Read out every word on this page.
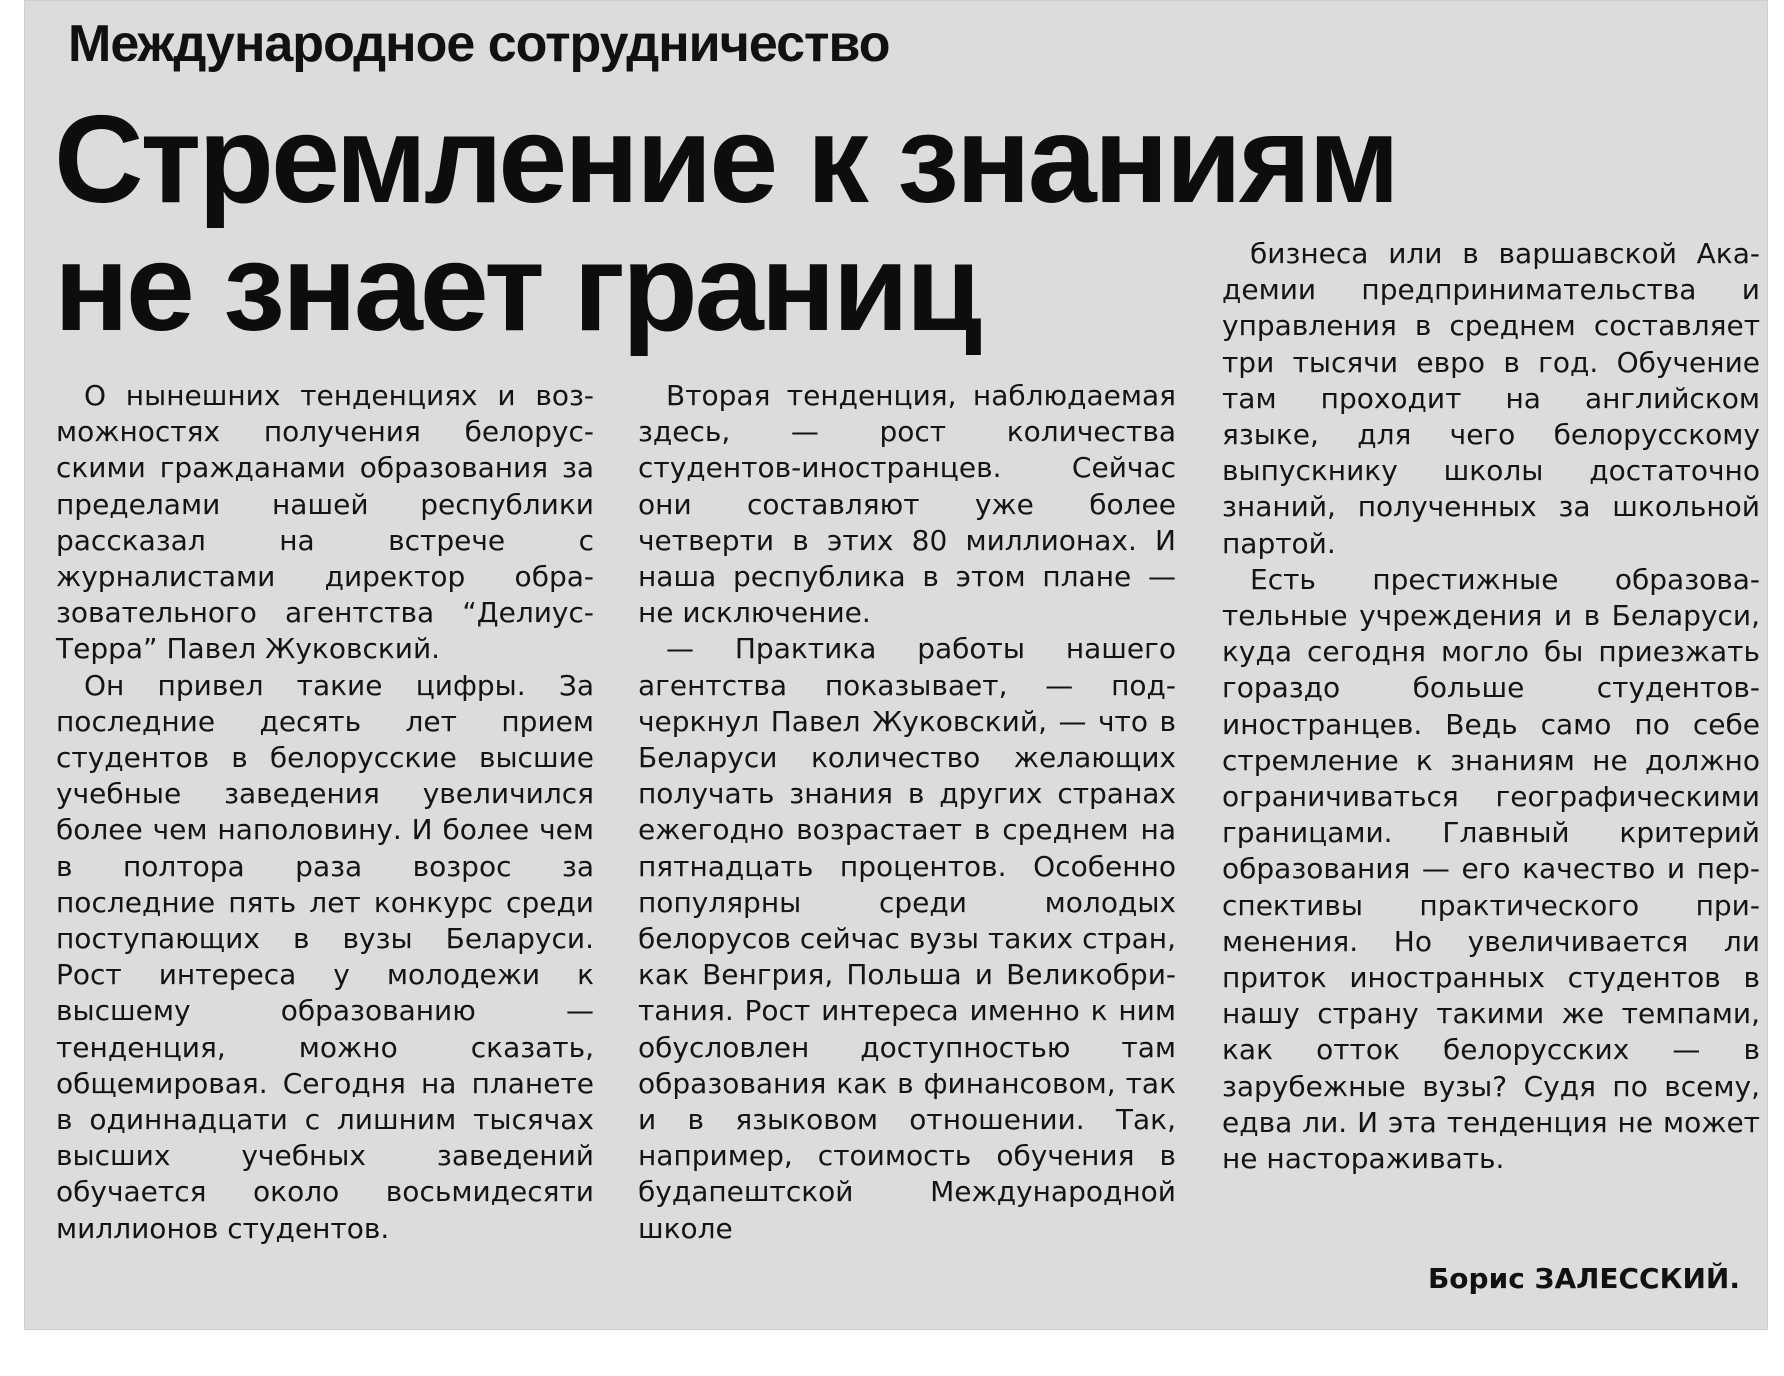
Международное сотрудничество
Стремление к знаниям
не знает границ

О нынешних тенденциях и возможностях получения белорусскими гражданами образования за пределами нашей республики рассказал на встрече с журналистами директор образовательного агентства “Делиус-Терра” Павел Жуковский.

Он привел такие цифры. За последние десять лет прием студентов в белорусские высшие учебные заведения увеличился более чем наполовину. И более чем в полтора раза возрос за последние пять лет конкурс среди поступающих в вузы Беларуси. Рост интереса у молодежи к высшему образованию — тенденция, можно сказать, общемировая. Сегодня на планете в одиннадцати с лишним тысячах высших учебных заведений обучается около восьмидесяти миллионов студентов.

Вторая тенденция, наблюдаемая здесь, — рост количества студентов-иностранцев. Сейчас они составляют уже более четверти в этих 80 миллионах. И наша республика в этом плане — не исключение.

— Практика работы нашего агентства показывает, — подчеркнул Павел Жуковский, — что в Беларуси количество желающих получать знания в других странах ежегодно возрастает в среднем на пятнадцать процентов. Особенно популярны среди молодых белорусов сейчас вузы таких стран, как Венгрия, Польша и Великобритания. Рост интереса именно к ним обусловлен доступностью там образования как в финансовом, так и в языковом отношении. Так, например, стоимость обучения в будапештской Международной школе

бизнеса или в варшавской Академии предпринимательства и управления в среднем составляет три тысячи евро в год. Обучение там проходит на английском языке, для чего белорусскому выпускнику школы достаточно знаний, полученных за школьной партой.

Есть престижные образовательные учреждения и в Беларуси, куда сегодня могло бы приезжать гораздо больше студентов-иностранцев. Ведь само по себе стремление к знаниям не должно ограничиваться географическими границами. Главный критерий образования — его качество и перспективы практического применения. Но увеличивается ли приток иностранных студентов в нашу страну такими же темпами, как отток белорусских — в зарубежные вузы? Судя по всему, едва ли. И эта тенденция не может не настораживать.

Борис ЗАЛЕССКИЙ.
